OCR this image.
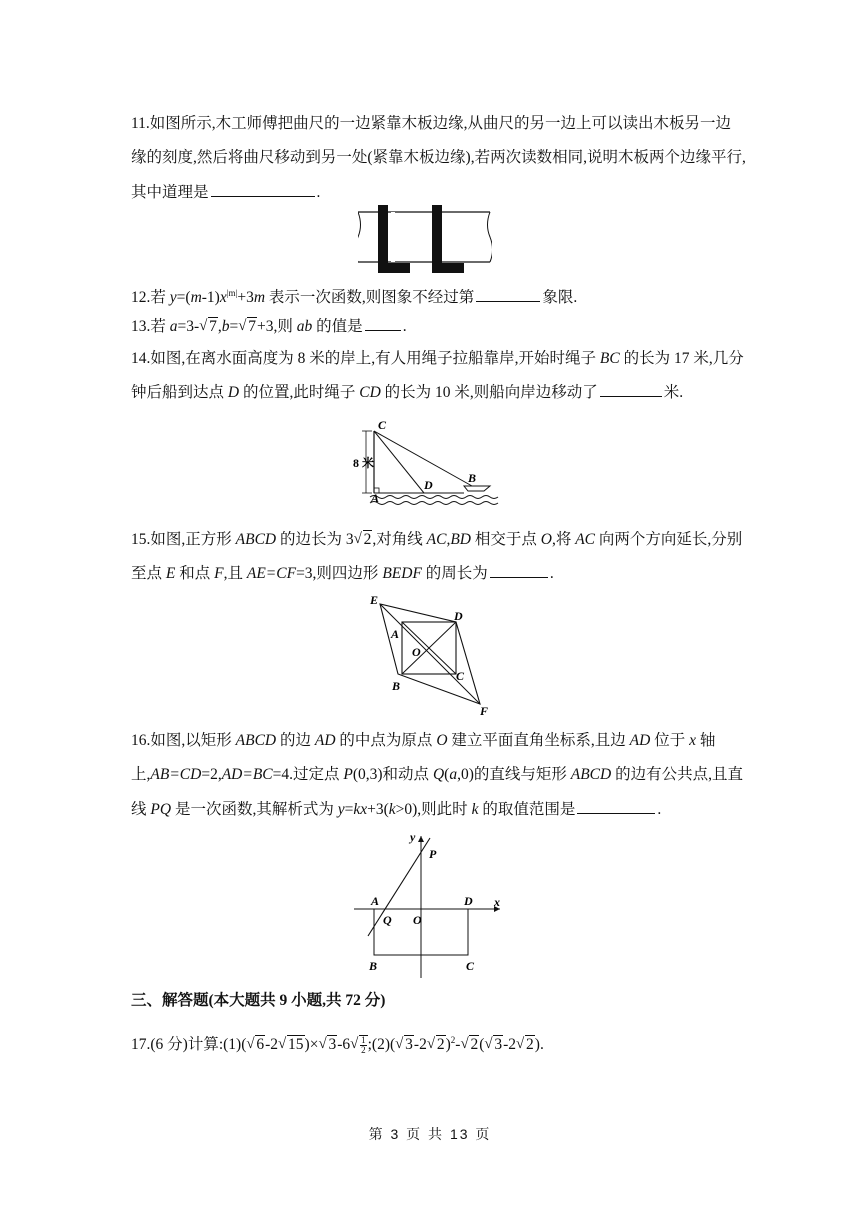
11.如图所示,木工师傅把曲尺的一边紧靠木板边缘,从曲尺的另一边上可以读出木板另一边
缘的刻度,然后将曲尺移动到另一处(紧靠木板边缘),若两次读数相同,说明木板两个边缘平行,
其中道理是	.
12.若 $y=(m-1)x^{|m|}+3m$ 表示一次函数,则图象不经过第	象限.
13.若 a=3- √ 7,b= √ 7+3,则 ab 的值是	.
14.如图,在离水面高度为 8 米的岸上,有人用绳子拉船靠岸,开始时绳子 BC 的长为 17 米,几分
钟后船到达点 D 的位置,此时绳子 CD 的长为 10 米,则船向岸边移动了	米.
C
D	B
A
8 米
15.如图,正方形 ABCD 的边长为 3 √ 2,对角线 AC,BD 相交于点 O,将 AC 向两个方向延长,分别
至点 E 和点 F,且 AE=CF=3,则四边形 BEDF 的周长为	.
E
D
A
O
C
B
F
16.如图,以矩形 ABCD 的边 AD 的中点为原点 O 建立平面直角坐标系,且边 AD 位于 x 轴
上,AB=CD=2,AD=BC=4.过定点 P(0,3)和动点 Q(a,0)的直线与矩形 ABCD 的边有公共点,且直
线 PQ 是一次函数,其解析式为 y=kx+3(k>0),则此时 k 的取值范围是	.
y
P
A
Q O
D x
B	C
三、解答题(本大题共 9 小题,共 72 分)
17.(6 分)计算:(1)( √ 6-2 √ 15)× √ 3-6 √ $\frac{1}{2}$ ;(2)( √ 3-2 √ 2)$^2$- √ 2( √ 3-2 √ 2).
第 3 页 共 13 页
